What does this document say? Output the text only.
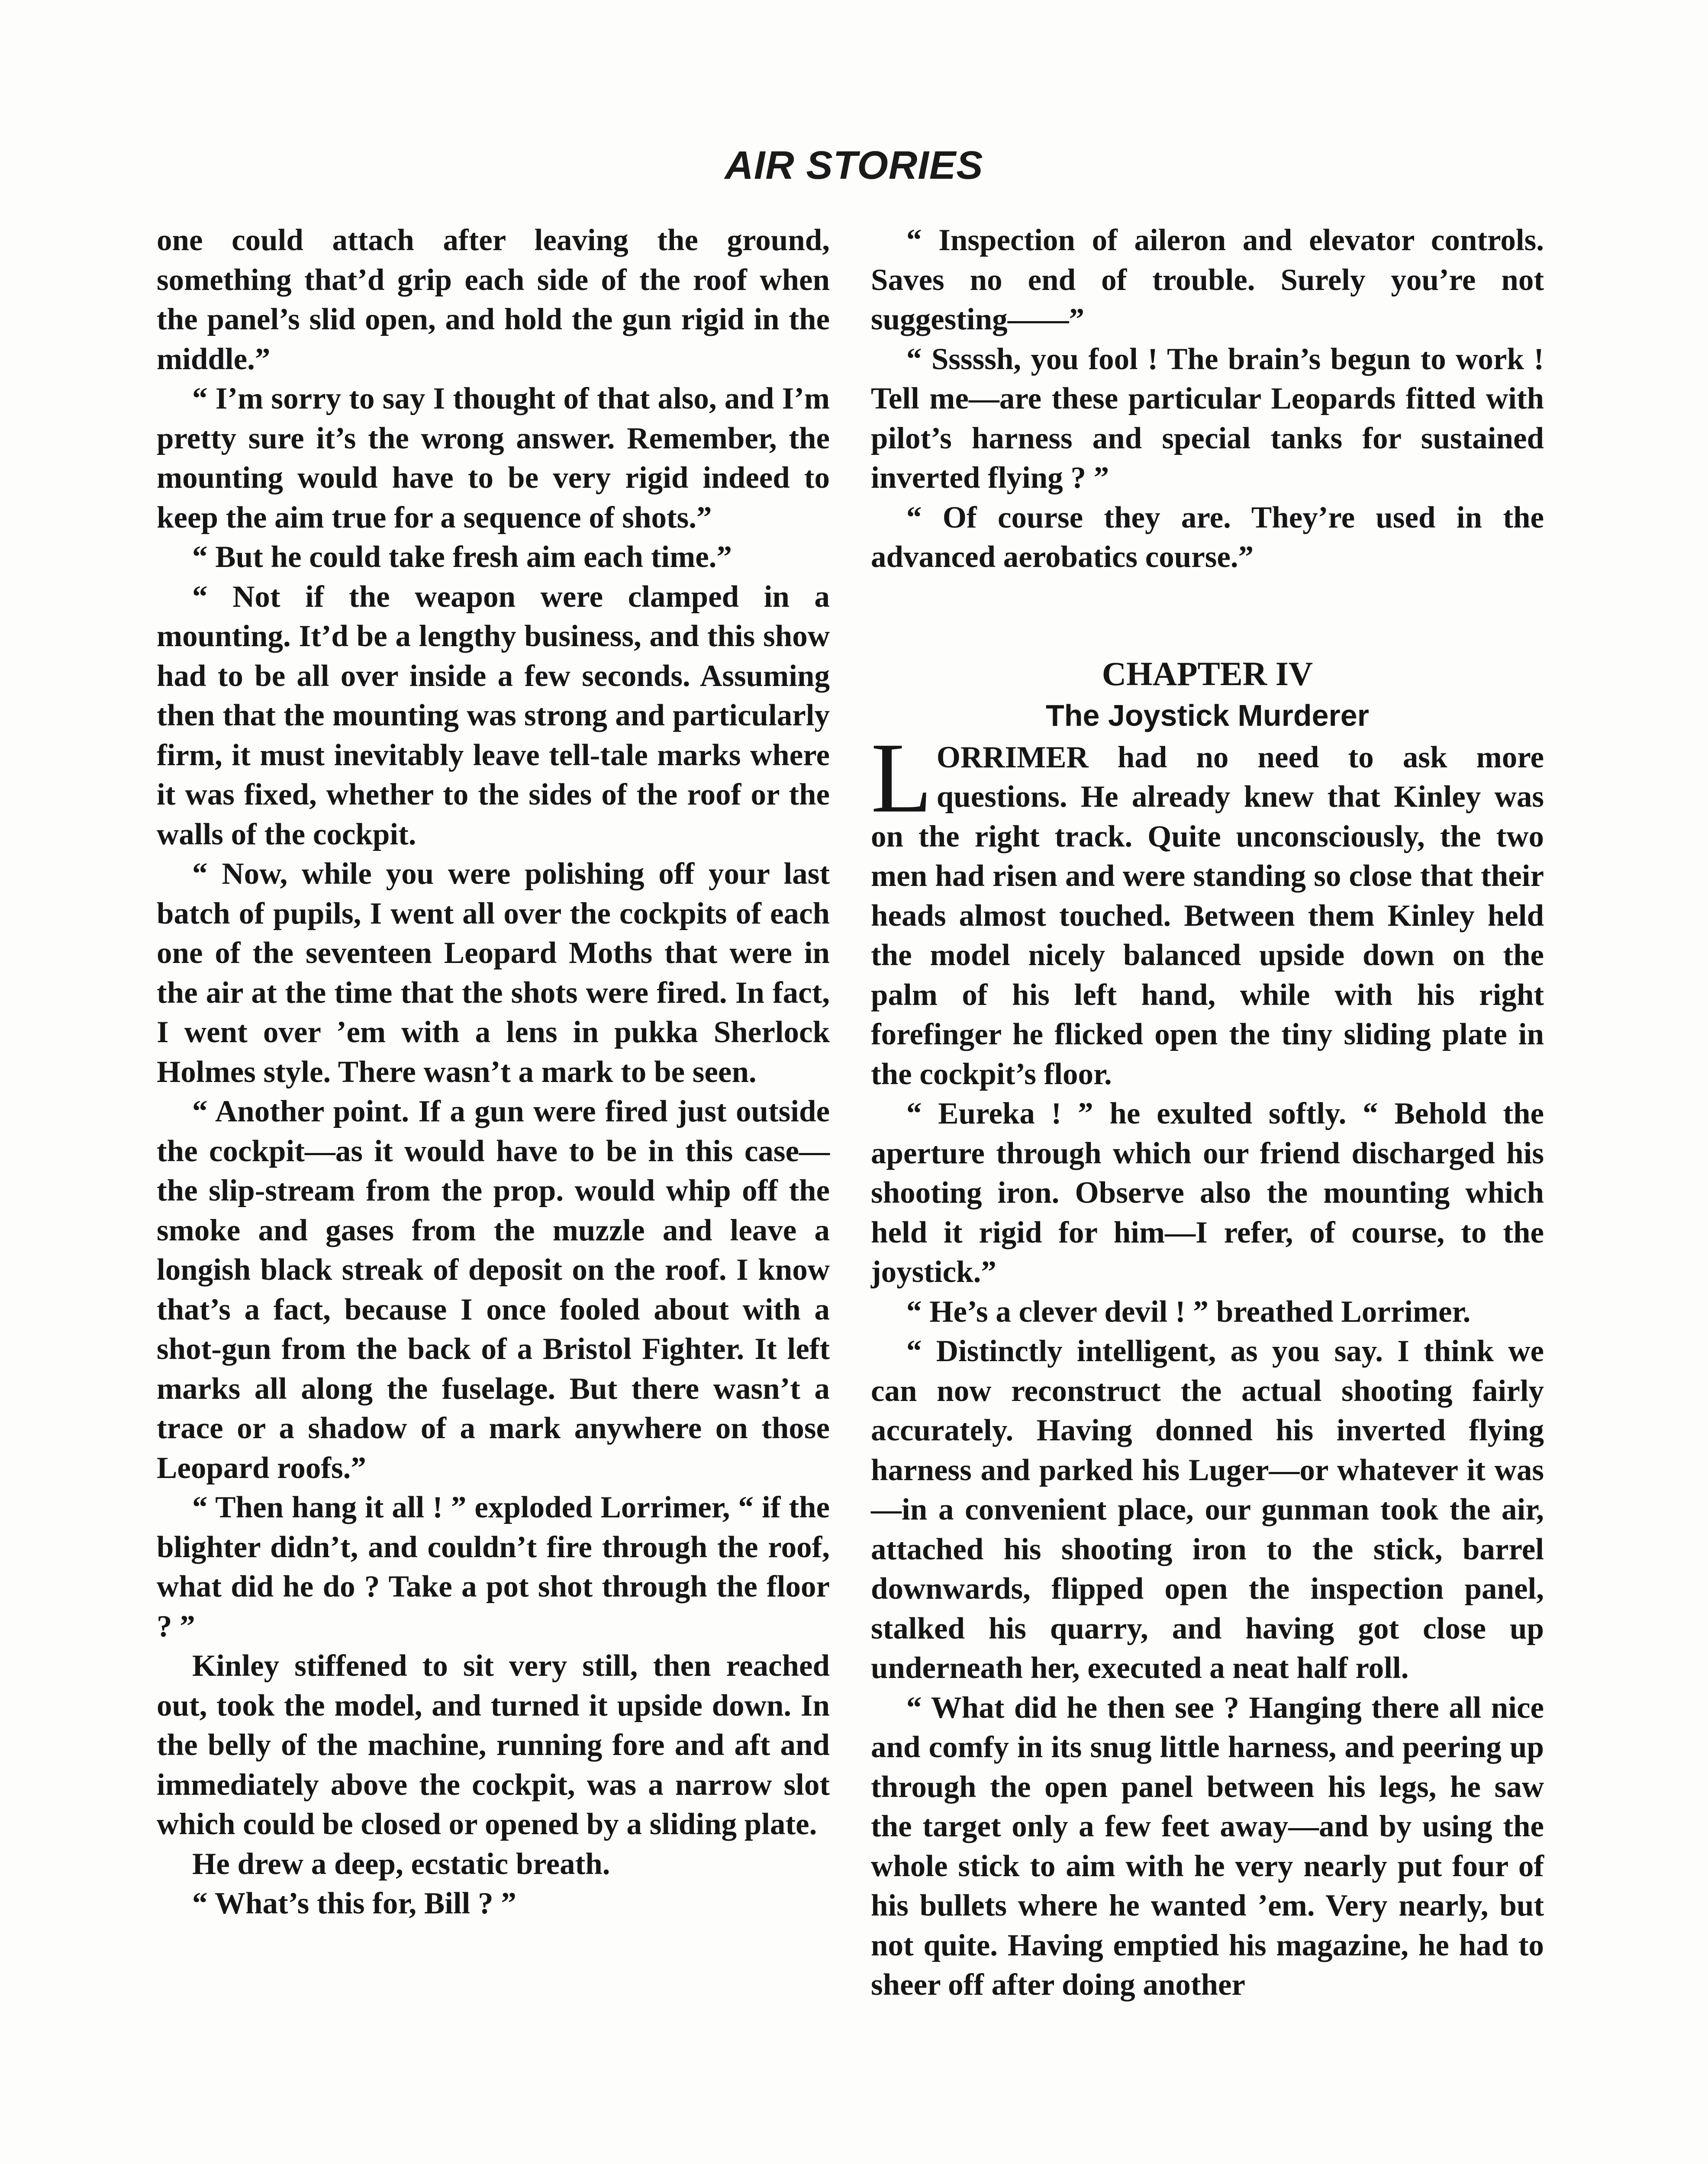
AIR STORIES

one could attach after leaving the ground, something that’d grip each side of the roof when the panel’s slid open, and hold the gun rigid in the middle.”

“ I’m sorry to say I thought of that also, and I’m pretty sure it’s the wrong answer. Remember, the mounting would have to be very rigid indeed to keep the aim true for a sequence of shots.”

“ But he could take fresh aim each time.”

“ Not if the weapon were clamped in a mounting. It’d be a lengthy business, and this show had to be all over inside a few seconds. Assuming then that the mounting was strong and particularly firm, it must inevitably leave tell-tale marks where it was fixed, whether to the sides of the roof or the walls of the cockpit.

“ Now, while you were polishing off your last batch of pupils, I went all over the cockpits of each one of the seventeen Leopard Moths that were in the air at the time that the shots were fired. In fact, I went over ’em with a lens in pukka Sherlock Holmes style. There wasn’t a mark to be seen.

“ Another point. If a gun were fired just outside the cockpit—as it would have to be in this case—the slip-stream from the prop. would whip off the smoke and gases from the muzzle and leave a longish black streak of deposit on the roof. I know that’s a fact, because I once fooled about with a shot-gun from the back of a Bristol Fighter. It left marks all along the fuselage. But there wasn’t a trace or a shadow of a mark anywhere on those Leopard roofs.”

“ Then hang it all ! ” exploded Lorrimer, “ if the blighter didn’t, and couldn’t fire through the roof, what did he do ? Take a pot shot through the floor ? ”

Kinley stiffened to sit very still, then reached out, took the model, and turned it upside down. In the belly of the machine, running fore and aft and immediately above the cockpit, was a narrow slot which could be closed or opened by a sliding plate.

He drew a deep, ecstatic breath.

“ What’s this for, Bill ? ”

“ Inspection of aileron and elevator controls. Saves no end of trouble. Surely you’re not suggesting——”

“ Sssssh, you fool ! The brain’s begun to work ! Tell me—are these particular Leopards fitted with pilot’s harness and special tanks for sustained inverted flying ? ”

“ Of course they are. They’re used in the advanced aerobatics course.”

CHAPTER IV
The Joystick Murderer

LORRIMER had no need to ask more questions. He already knew that Kinley was on the right track. Quite unconsciously, the two men had risen and were standing so close that their heads almost touched. Between them Kinley held the model nicely balanced upside down on the palm of his left hand, while with his right forefinger he flicked open the tiny sliding plate in the cockpit’s floor.

“ Eureka ! ” he exulted softly. “ Behold the aperture through which our friend discharged his shooting iron. Observe also the mounting which held it rigid for him—I refer, of course, to the joystick.”

“ He’s a clever devil ! ” breathed Lorrimer.

“ Distinctly intelligent, as you say. I think we can now reconstruct the actual shooting fairly accurately. Having donned his inverted flying harness and parked his Luger—or whatever it was—in a convenient place, our gunman took the air, attached his shooting iron to the stick, barrel downwards, flipped open the inspection panel, stalked his quarry, and having got close up underneath her, executed a neat half roll.

“ What did he then see ? Hanging there all nice and comfy in its snug little harness, and peering up through the open panel between his legs, he saw the target only a few feet away—and by using the whole stick to aim with he very nearly put four of his bullets where he wanted ’em. Very nearly, but not quite. Having emptied his magazine, he had to sheer off after doing another
